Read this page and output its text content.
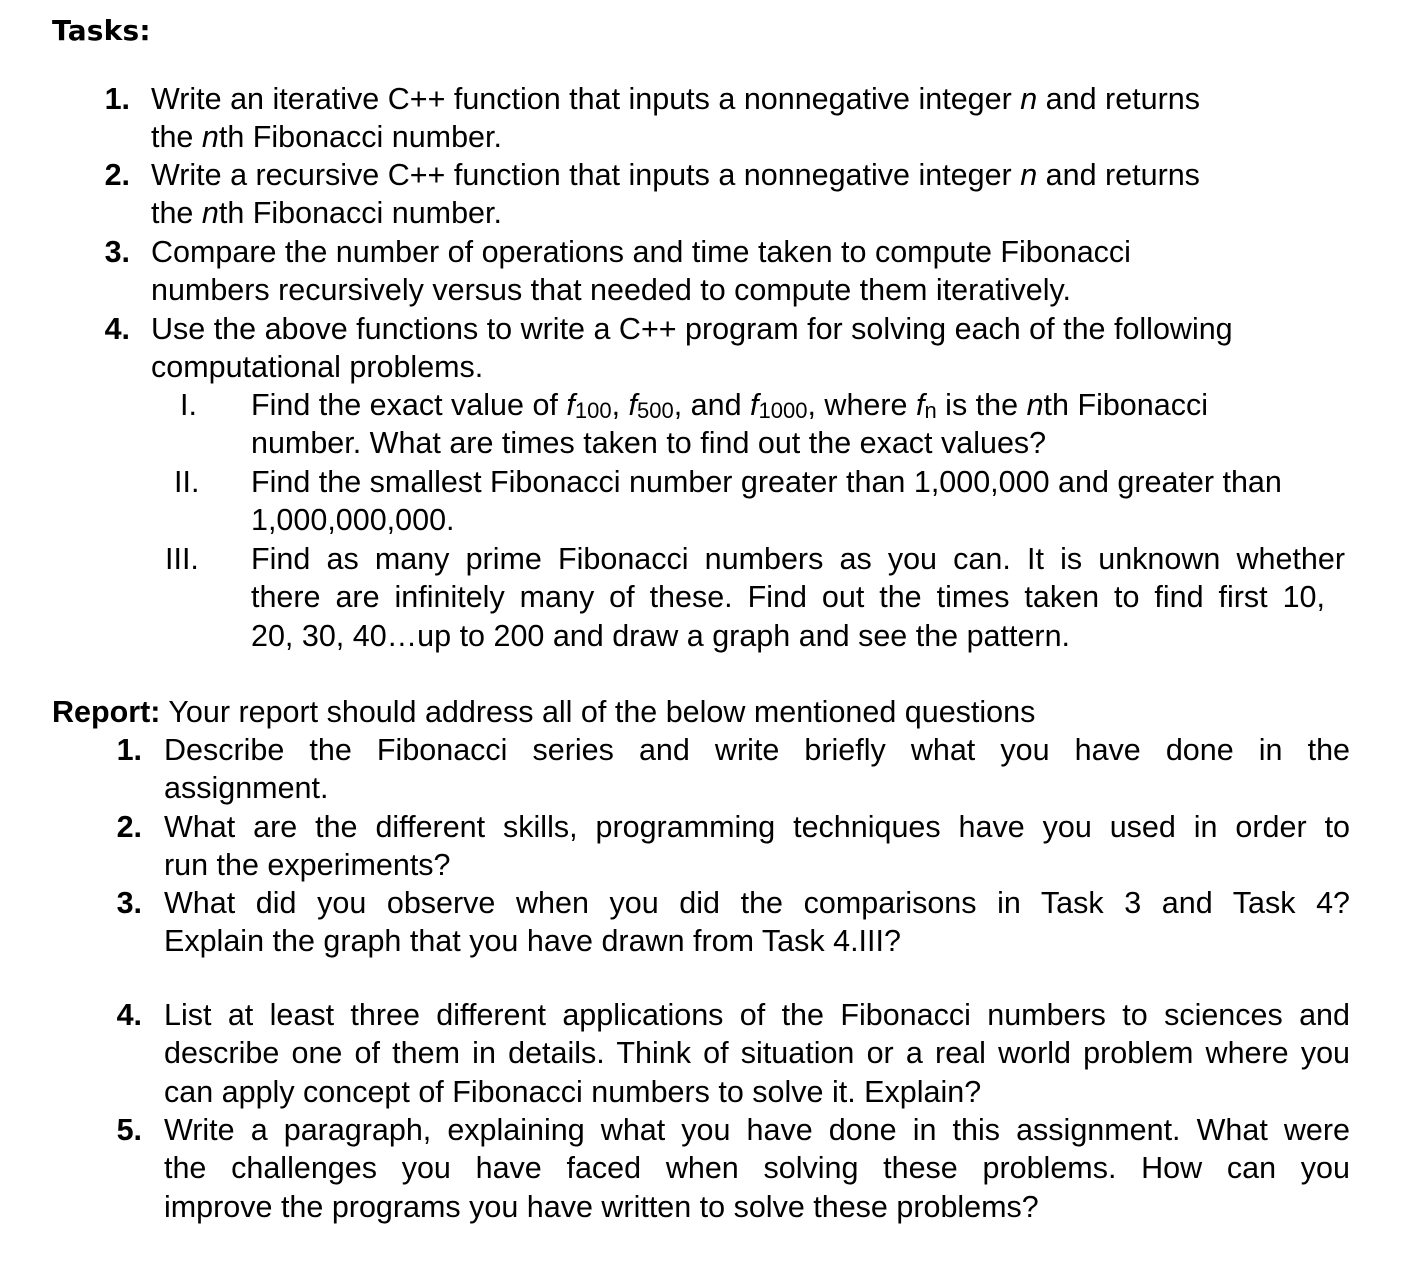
Tasks:
1. Write an iterative C++ function that inputs a nonnegative integer n and returns
the nth Fibonacci number.
2. Write a recursive C++ function that inputs a nonnegative integer n and returns
the nth Fibonacci number.
3. Compare the number of operations and time taken to compute Fibonacci numbers recursively versus that needed to compute them iteratively.
4. Use the above functions to write a C++ program for solving each of the following computational problems.
I. Find the exact value of $f_{100}$, $f_{500}$, and $f_{1000}$, where $f_n$ is the nth Fibonacci
number. What are times taken to find out the exact values?
II. Find the smallest Fibonacci number greater than 1,000,000 and greater than 1,000,000,000.
III. Find as many prime Fibonacci numbers as you can. It is unknown whether
there are infinitely many of these. Find out the times taken to find first 10,
20, 30, 40…up to 200 and draw a graph and see the pattern.
Report: Your report should address all of the below mentioned questions
1. Describe the Fibonacci series and write briefly what you have done in the
assignment.
2. What are the different skills, programming techniques have you used in order to
run the experiments?
3. What did you observe when you did the comparisons in Task 3 and Task 4?
Explain the graph that you have drawn from Task 4.III?
4. List at least three different applications of the Fibonacci numbers to sciences and describe one of them in details. Think of situation or a real world problem where you can apply concept of Fibonacci numbers to solve it. Explain?
5. Write a paragraph, explaining what you have done in this assignment. What were
the challenges you have faced when solving these problems. How can you
improve the programs you have written to solve these problems?
